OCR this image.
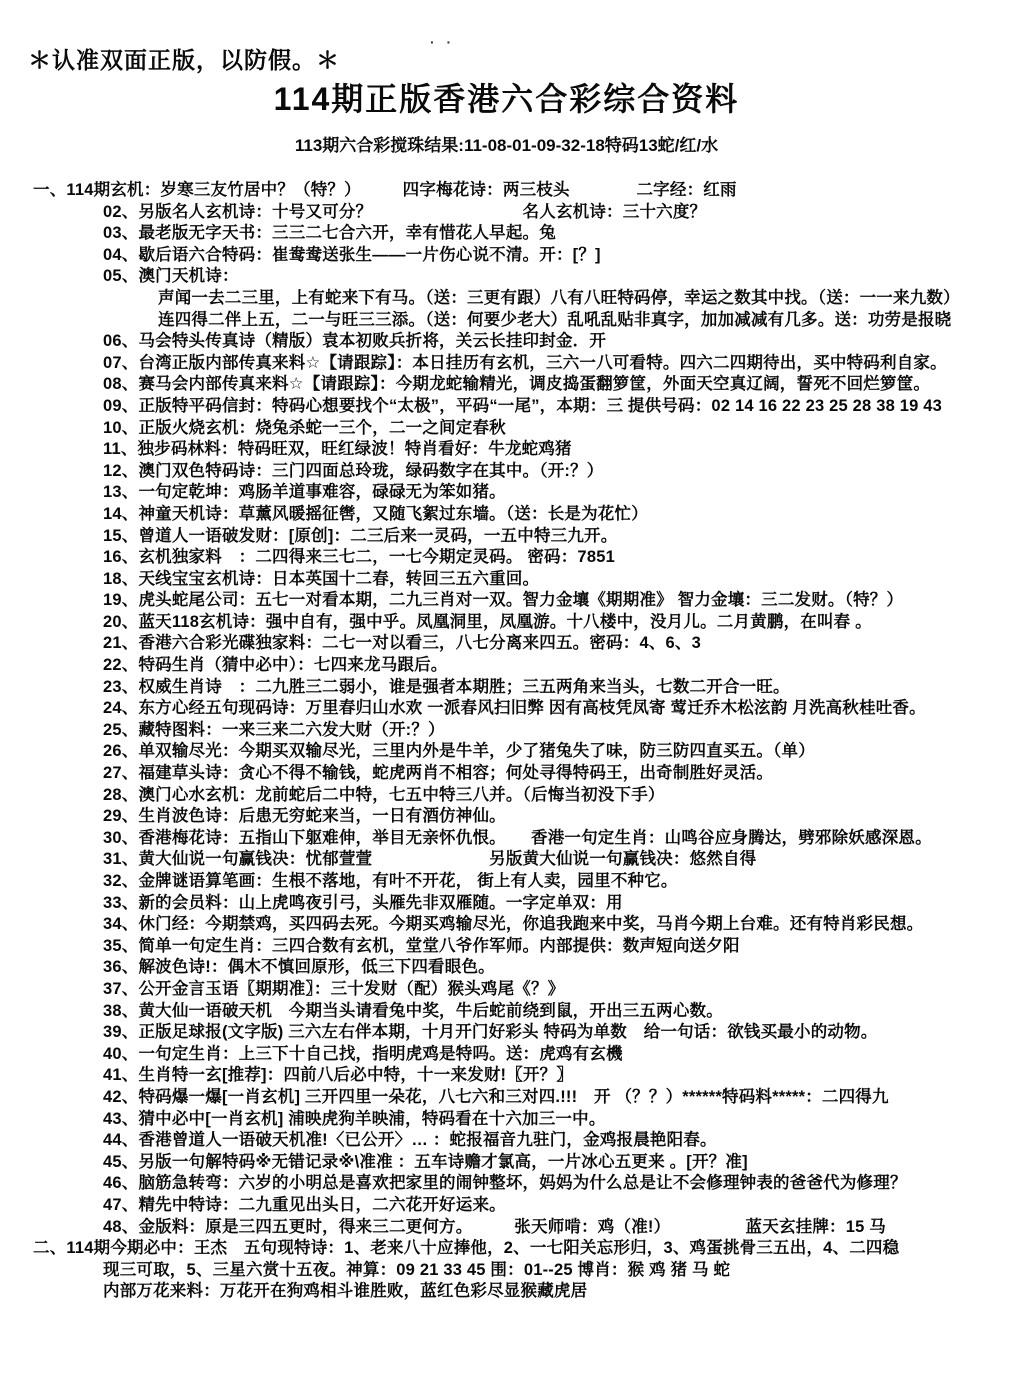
＊认准双面正版，以防假。＊
· ·
114期正版香港六合彩综合资料
113期六合彩搅珠结果:11-08-01-09-32-18特码13蛇/红/水
一、114期玄机：岁寒三友竹居中？（特？）　　　四字梅花诗：两三枝头　　　　二字经：红雨
02、另版名人玄机诗：十号又可分？　　　　　　　　　名人玄机诗：三十六度？
03、最老版无字天书：三三二七合六开，幸有惜花人早起。兔
04、歇后语六合特码：崔鸯鸯送张生——一片伤心说不清。开：[？]
05、澳门天机诗：
声闻一去二三里，上有蛇来下有马。（送：三更有跟）八有八旺特码停，幸运之数其中找。（送：一一来九数）
连四得二伴上五，二一与旺三三添。（送：何要少老大）乱吼乱贴非真字，加加减减有几多。送：功劳是报晓
06、马会特头传真诗（精版）袁本初败兵折将，关云长挂印封金．开
07、台湾正版内部传真来料☆【请跟踪】：本日挂历有玄机，三六一八可看特。四六二四期待出，买中特码利自家。
08、赛马会内部传真来料☆【请跟踪】：今期龙蛇输精光，调皮捣蛋翻箩筐，外面天空真辽阔，誓死不回烂箩筐。
09、正版特平码信封：特码心想要找个“太极”，平码“一尾”，本期：三 提供号码：02 14 16 22 23 25 28 38 19 43
10、正版火烧玄机：烧兔杀蛇一三个，二一之间定春秋
11、独步码林料：特码旺双，旺红绿波！特肖看好：牛龙蛇鸡猪
12、澳门双色特码诗：三门四面总玲珑，绿码数字在其中。（开:？）
13、一句定乾坤：鸡肠羊道事难容，碌碌无为笨如猪。
14、神童天机诗：草薰风暖摇征辔，又随飞絮过东墙。（送：长是为花忙）
15、曾道人一语破发财：[原创]：二三后来一灵码，一五中特三九开。
16、玄机独家料　：二四得来三七二，一七今期定灵码。 密码：7851
18、天线宝宝玄机诗：日本英国十二春，转回三五六重回。
19、虎头蛇尾公司：五七一对看本期，二九三肖对一双。智力金壤《期期准》 智力金壤：三二发财。（特？）
20、蓝天118玄机诗：强中自有，强中乎。凤凰洞里，凤凰游。十八楼中，没月儿。二月黄鹏，在叫春 。
21、香港六合彩光碟独家料：二七一对以看三，八七分离来四五。密码：4、6、3
22、特码生肖（猜中必中）：七四来龙马跟后。
23、权威生肖诗　：二九胜三二弱小，谁是强者本期胜；三五两角来当头，七数二开合一旺。
24、东方心经五句现码诗：万里春归山水欢 一派春风扫旧弊 因有高枝凭凤寄 莺迁乔木松泫韵 月洗高秋桂吐香。
25、藏特图料：一来三来二六发大财（开:？）
26、单双输尽光：今期买双输尽光，三里内外是牛羊，少了猪兔失了味，防三防四直买五。（单）
27、福建草头诗：贪心不得不输钱，蛇虎两肖不相容；何处寻得特码王，出奇制胜好灵活。
28、澳门心水玄机：龙前蛇后二中特，七五中特三八并。（后悔当初没下手）
29、生肖波色诗：后患无穷蛇来当，一日有酒仿神仙。
30、香港梅花诗：五指山下躯难伸，举目无亲怀仇恨。　　香港一句定生肖：山鸣谷应身腾达，劈邪除妖感深恩。
31、黄大仙说一句赢钱决：忧郁萱萱　　　　　　　另版黄大仙说一句赢钱决：悠然自得
32、金牌谜语算笔画：生根不落地，有叶不开花， 街上有人卖，园里不种它。
33、新的会员料：山上虎鸣夜引弓，头雁先非双雁随。一字定单双：用
34、休门经：今期禁鸡，买四码去死。今期买鸡输尽光，你追我跑来中奖，马肖今期上台难。还有特肖彩民想。
35、简单一句定生肖：三四合数有玄机，堂堂八爷作军师。内部提供：数声短向送夕阳
36、解波色诗!：偶木不慎回原形，低三下四看眼色。
37、公开金言玉语〖期期准〗：三十发财（配）猴头鸡尾《？》
38、黄大仙一语破天机　今期当头请看兔中奖，牛后蛇前绕到鼠，开出三五两心数。
39、正版足球报(文字版) 三六左右伴本期，十月开门好彩头 特码为单数　给一句话：欲钱买最小的动物。
40、一句定生肖：上三下十自己找，指明虎鸡是特吗。送：虎鸡有玄機
41、生肖特一玄[推荐]：四前八后必中特，十一来发财!〖开？〗
42、特码爆一爆[一肖玄机] 三开四里一朵花，八七六和三对四.!!!　开 （？？）******特码料*****：二四得九
43、猜中必中[一肖玄机] 浦映虎狗羊映浦，特码看在十六加三一中。
44、香港曾道人一语破天机准!〈已公开〉… ：蛇报福音九驻门，金鸡报晨艳阳春。
45、另版一句解特码※无错记录※\准准 ：五车诗赡才氯高，一片冰心五更来 。[开？准]
46、脑筋急转弯：六岁的小明总是喜欢把家里的闹钟整坏，妈妈为什么总是让不会修理钟表的爸爸代为修理？
47、精先中特诗：二九重见出头日，二六花开好运来。
48、金版料：原是三四五更时，得来三二更何方。　　　张天师啃：鸡（准!）　　　　　蓝天玄挂牌：15 马
二、114期今期必中：王杰　五句现特诗：1、老来八十应捧他，2、一七阳关忘形归，3、鸡蛋挑骨三五出，4、二四稳
现三可取，5、三星六赏十五夜。神算：09 21 33 45 围：01--25 博肖：猴 鸡 猪 马 蛇
内部万花来料：万花开在狗鸡相斗谁胜败，蓝红色彩尽显猴藏虎居
